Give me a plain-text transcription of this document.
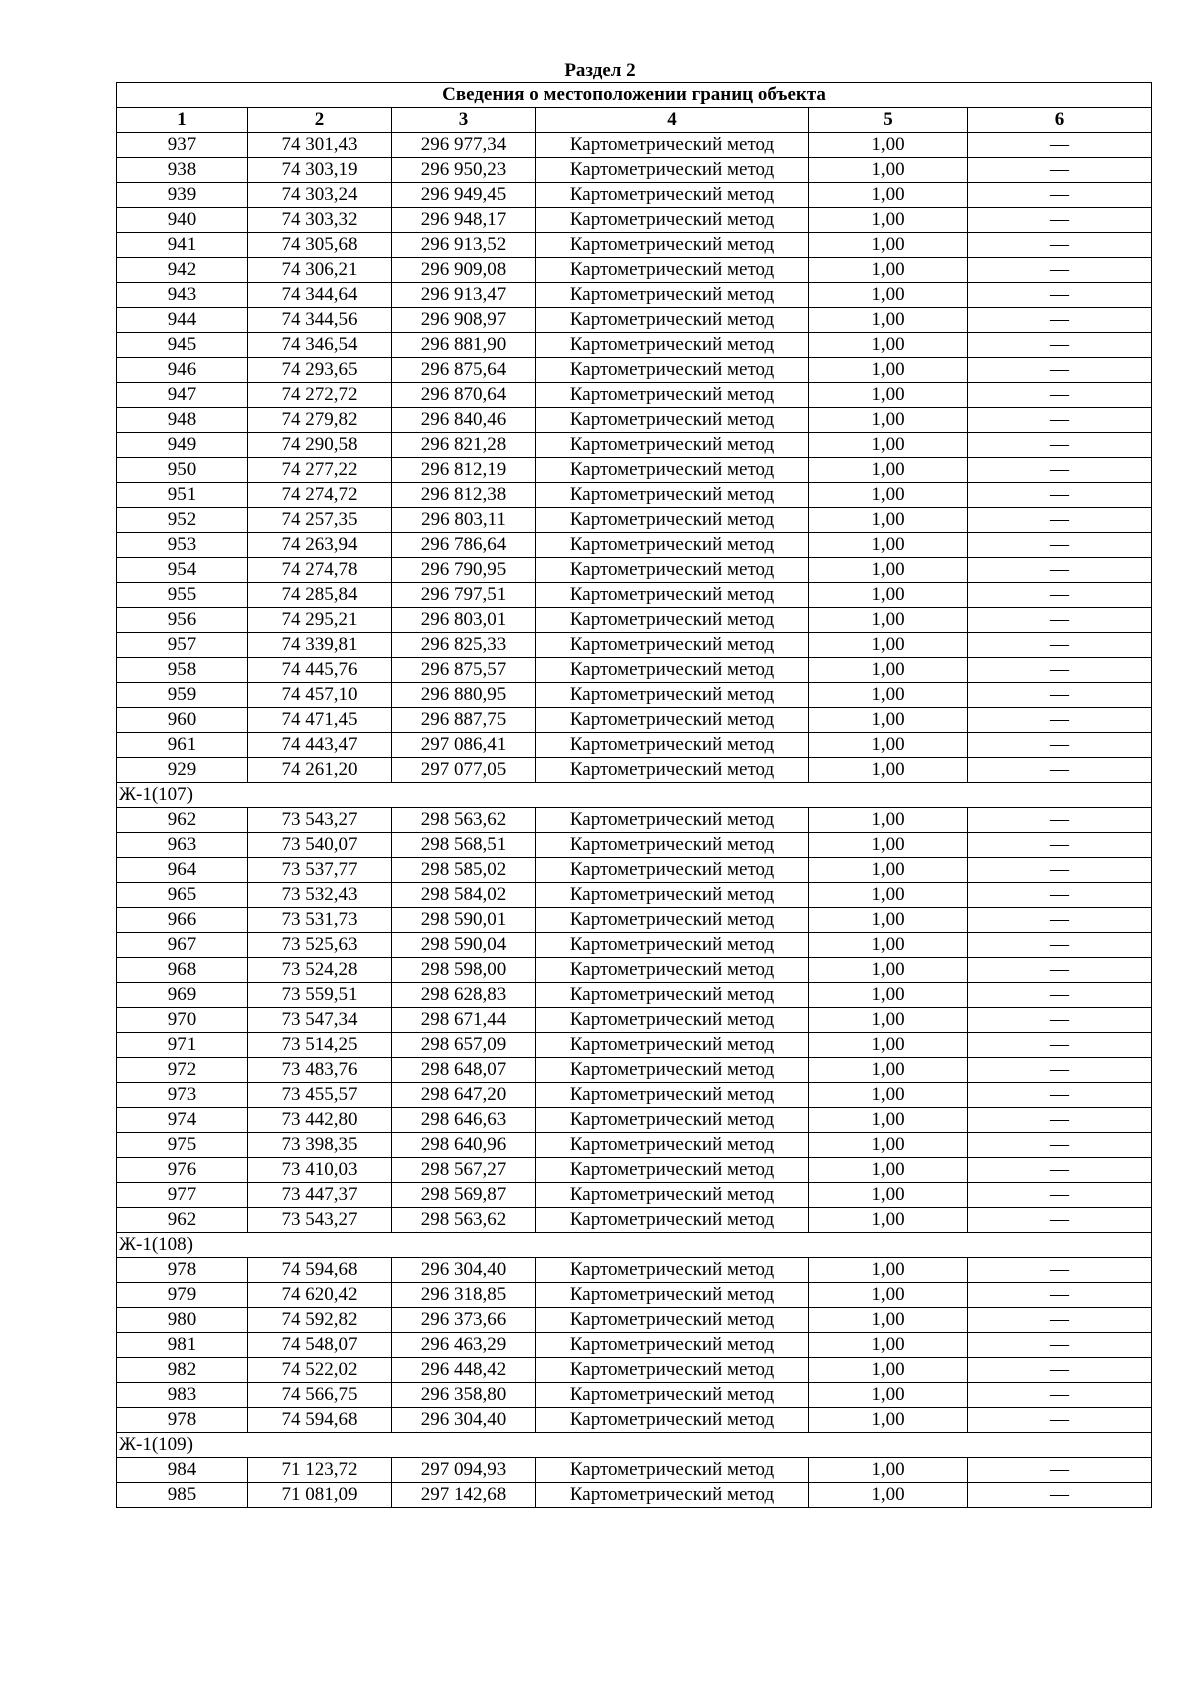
Раздел 2
Сведения о местоположении границ объекта					
1	2	3	4	5	6
937	74 301,43	296 977,34	Картометрический метод	1,00	—
938	74 303,19	296 950,23	Картометрический метод	1,00	—
939	74 303,24	296 949,45	Картометрический метод	1,00	—
940	74 303,32	296 948,17	Картометрический метод	1,00	—
941	74 305,68	296 913,52	Картометрический метод	1,00	—
942	74 306,21	296 909,08	Картометрический метод	1,00	—
943	74 344,64	296 913,47	Картометрический метод	1,00	—
944	74 344,56	296 908,97	Картометрический метод	1,00	—
945	74 346,54	296 881,90	Картометрический метод	1,00	—
946	74 293,65	296 875,64	Картометрический метод	1,00	—
947	74 272,72	296 870,64	Картометрический метод	1,00	—
948	74 279,82	296 840,46	Картометрический метод	1,00	—
949	74 290,58	296 821,28	Картометрический метод	1,00	—
950	74 277,22	296 812,19	Картометрический метод	1,00	—
951	74 274,72	296 812,38	Картометрический метод	1,00	—
952	74 257,35	296 803,11	Картометрический метод	1,00	—
953	74 263,94	296 786,64	Картометрический метод	1,00	—
954	74 274,78	296 790,95	Картометрический метод	1,00	—
955	74 285,84	296 797,51	Картометрический метод	1,00	—
956	74 295,21	296 803,01	Картометрический метод	1,00	—
957	74 339,81	296 825,33	Картометрический метод	1,00	—
958	74 445,76	296 875,57	Картометрический метод	1,00	—
959	74 457,10	296 880,95	Картометрический метод	1,00	—
960	74 471,45	296 887,75	Картометрический метод	1,00	—
961	74 443,47	297 086,41	Картометрический метод	1,00	—
929	74 261,20	297 077,05	Картометрический метод	1,00	—
Ж-1(107)					
962	73 543,27	298 563,62	Картометрический метод	1,00	—
963	73 540,07	298 568,51	Картометрический метод	1,00	—
964	73 537,77	298 585,02	Картометрический метод	1,00	—
965	73 532,43	298 584,02	Картометрический метод	1,00	—
966	73 531,73	298 590,01	Картометрический метод	1,00	—
967	73 525,63	298 590,04	Картометрический метод	1,00	—
968	73 524,28	298 598,00	Картометрический метод	1,00	—
969	73 559,51	298 628,83	Картометрический метод	1,00	—
970	73 547,34	298 671,44	Картометрический метод	1,00	—
971	73 514,25	298 657,09	Картометрический метод	1,00	—
972	73 483,76	298 648,07	Картометрический метод	1,00	—
973	73 455,57	298 647,20	Картометрический метод	1,00	—
974	73 442,80	298 646,63	Картометрический метод	1,00	—
975	73 398,35	298 640,96	Картометрический метод	1,00	—
976	73 410,03	298 567,27	Картометрический метод	1,00	—
977	73 447,37	298 569,87	Картометрический метод	1,00	—
962	73 543,27	298 563,62	Картометрический метод	1,00	—
Ж-1(108)					
978	74 594,68	296 304,40	Картометрический метод	1,00	—
979	74 620,42	296 318,85	Картометрический метод	1,00	—
980	74 592,82	296 373,66	Картометрический метод	1,00	—
981	74 548,07	296 463,29	Картометрический метод	1,00	—
982	74 522,02	296 448,42	Картометрический метод	1,00	—
983	74 566,75	296 358,80	Картометрический метод	1,00	—
978	74 594,68	296 304,40	Картометрический метод	1,00	—
Ж-1(109)					
984	71 123,72	297 094,93	Картометрический метод	1,00	—
985	71 081,09	297 142,68	Картометрический метод	1,00	—
